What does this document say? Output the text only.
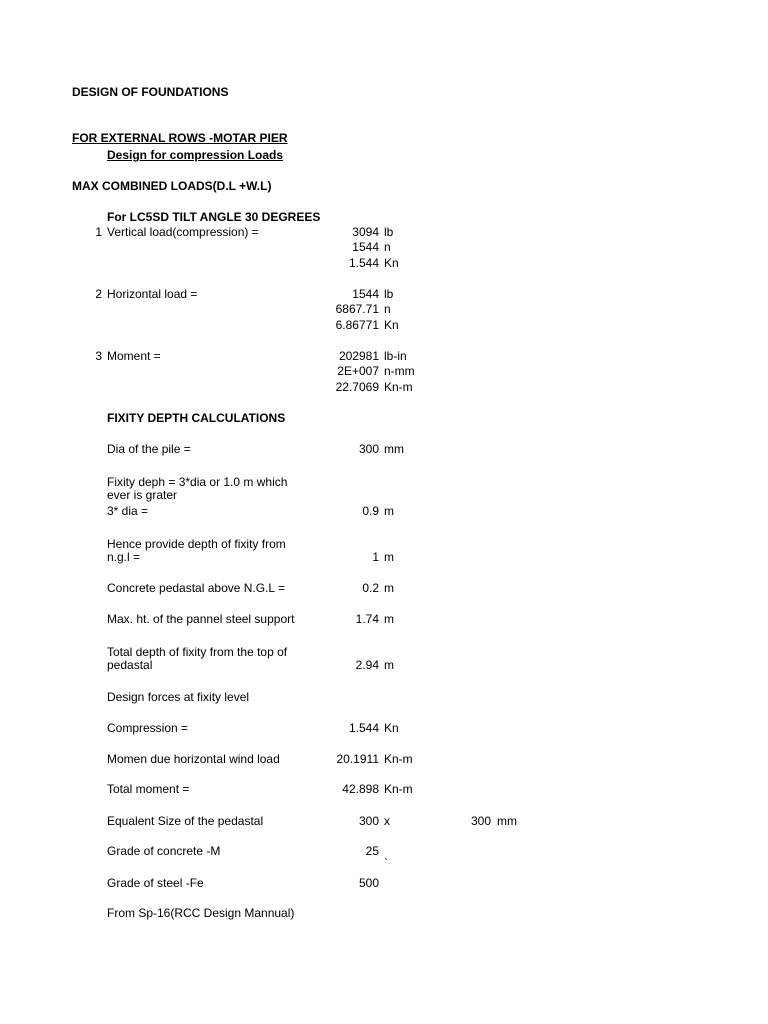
DESIGN OF FOUNDATIONS
FOR EXTERNAL ROWS -MOTAR PIER
Design for compression Loads
MAX COMBINED LOADS(D.L +W.L)
For LC5SD TILT ANGLE 30 DEGREES
1 Vertical load(compression) =	3094 lb
1544 n
1.544 Kn
2 Horizontal load =	1544 lb
6867.71 n
6.86771 Kn
3 Moment =	202981 lb-in
2E+007 n-mm
22.7069 Kn-m
FIXITY DEPTH CALCULATIONS
Dia of the pile =	300 mm
Fixity deph = 3*dia or 1.0 m which
ever is grater
3* dia =	0.9 m
Hence provide depth of fixity from
n.g.l =	1 m
Concrete pedastal above N.G.L =	0.2 m
Max. ht. of the pannel steel support	1.74 m
Total depth of fixity from the top of
pedastal	2.94 m
Design forces at fixity level
Compression =	1.544 Kn
Momen due horizontal wind load	20.1911 Kn-m
Total moment =	42.898 Kn-m
Equalent Size of the pedastal	300 x	300 mm
Grade of concrete -M	25
`
Grade of steel -Fe	500
From Sp-16(RCC Design Mannual)
